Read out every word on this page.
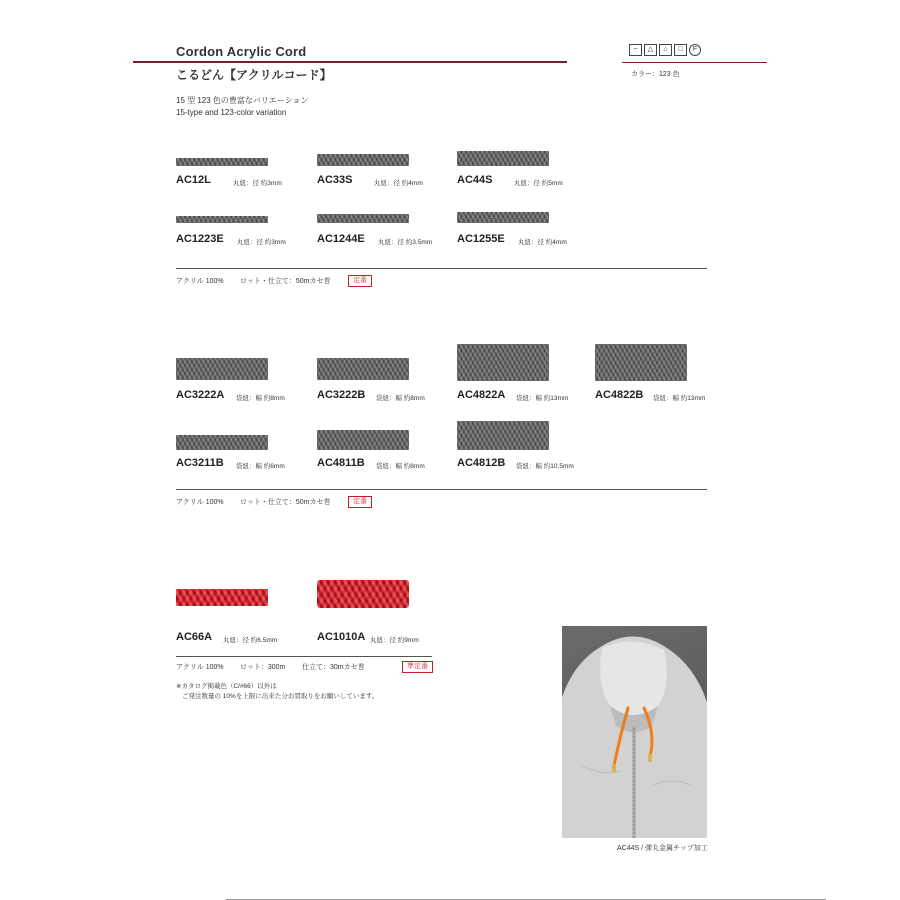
Cordon Acrylic Cord
こるどん【アクリルコード】
15 型 123 色の豊富なバリエーション
15-type and 123-color variation
~	△	⌂	□	F
カラー：123 色
AC12L	丸紐：径 約3mm	AC33S	丸紐：径 約4mm	AC44S	丸紐：径 約5mm
AC1223E 丸紐：径 約3mm	AC1244E 丸紐：径 約3.5mm AC1255E 丸紐：径 約4mm
アクリル 100% ロット・仕立て：50mカセ巻	定番
AC3222A 袋紐：幅 約8mm	AC3222B 袋紐：幅 約8mm	AC4822A 袋紐：幅 約13mm AC4822B 袋紐：幅 約13mm
AC3211B 袋紐：幅 約6mm	AC4811B 袋紐：幅 約8mm	AC4812B 袋紐：幅 約10.5mm
アクリル 100% ロット・仕立て：50mカセ巻	定番
AC66A 丸紐：径 約6.5mm	AC1010A 丸紐：径 約9mm
アクリル 100% ロット：300m 仕立て：30mカセ巻	準定番
※カタログ掲載色（C/#66）以外は
ご発注数量の 10%を上限に出来た分お買取りをお願いしています。
AC44S / 弾丸金属チップ加工
